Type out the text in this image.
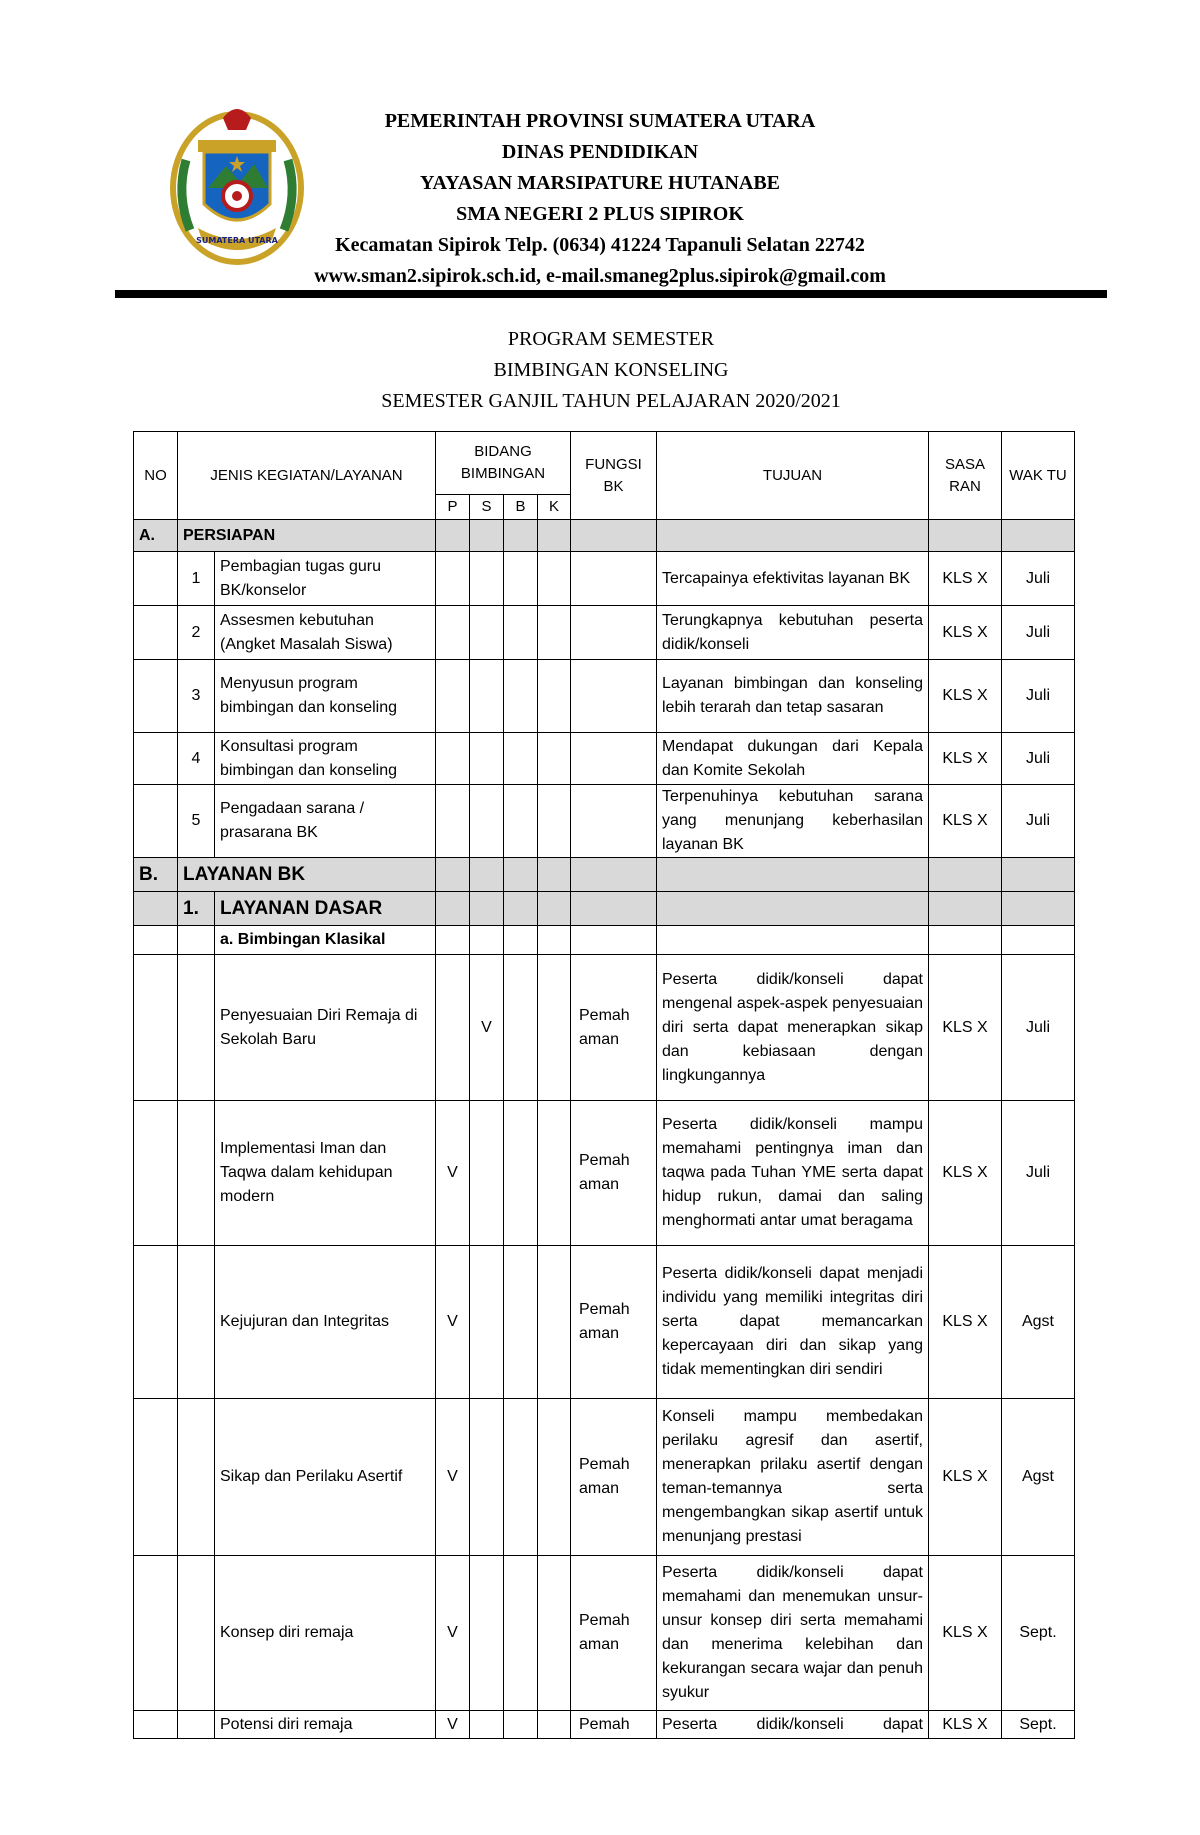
SUMATERA UTARA
PEMERINTAH PROVINSI SUMATERA UTARA
DINAS PENDIDIKAN
YAYASAN MARSIPATURE HUTANABE
SMA NEGERI 2 PLUS SIPIROK
Kecamatan Sipirok Telp. (0634) 41224 Tapanuli Selatan 22742
www.sman2.sipirok.sch.id, e-mail.smaneg2plus.sipirok@gmail.com
PROGRAM SEMESTER
BIMBINGAN KONSELING
SEMESTER GANJIL TAHUN PELAJARAN 2020/2021
NO	JENIS KEGIATAN/LAYANAN		BIDANG BIMBINGAN				FUNGSI BK	TUJUAN	SASA RAN	WAK TU
			P	S	B	K				
A.	PERSIAPAN									
	1	Pembagian tugas guru BK/konselor						Tercapainya efektivitas layanan BK	KLS X	Juli
	2	Assesmen kebutuhan (Angket Masalah Siswa)						Terungkapnya kebutuhan peserta didik/konseli	KLS X	Juli
	3	Menyusun program bimbingan dan konseling						Layanan bimbingan dan konseling lebih terarah dan tetap sasaran	KLS X	Juli
	4	Konsultasi program bimbingan dan konseling						Mendapat dukungan dari Kepala dan Komite Sekolah	KLS X	Juli
	5	Pengadaan sarana / prasarana BK						Terpenuhinya kebutuhan sarana yang menunjang keberhasilan layanan BK	KLS X	Juli
B.	LAYANAN BK									
	1.	LAYANAN DASAR								
		a. Bimbingan Klasikal								
		Penyesuaian Diri Remaja di Sekolah Baru		V			Pemah aman	Peserta didik/konseli dapat mengenal aspek-aspek penyesuaian diri serta dapat menerapkan sikap dan kebiasaan dengan lingkungannya	KLS X	Juli
		Implementasi Iman dan Taqwa dalam kehidupan modern	V				Pemah aman	Peserta didik/konseli mampu memahami pentingnya iman dan taqwa pada Tuhan YME serta dapat hidup rukun, damai dan saling menghormati antar umat beragama	KLS X	Juli
		Kejujuran dan Integritas	V				Pemah aman	Peserta didik/konseli dapat menjadi individu yang memiliki integritas diri serta dapat memancarkan kepercayaan diri dan sikap yang tidak mementingkan diri sendiri	KLS X	Agst
		Sikap dan Perilaku Asertif	V				Pemah aman	Konseli mampu membedakan perilaku agresif dan asertif, menerapkan prilaku asertif dengan teman-temannya serta mengembangkan sikap asertif untuk menunjang prestasi	KLS X	Agst
		Konsep diri remaja	V				Pemah aman	Peserta didik/konseli dapat memahami dan menemukan unsur-unsur konsep diri serta memahami dan menerima kelebihan dan kekurangan secara wajar dan penuh syukur	KLS X	Sept.
		Potensi diri remaja	V				Pemah	Peserta didik/konseli dapat	KLS X	Sept.
